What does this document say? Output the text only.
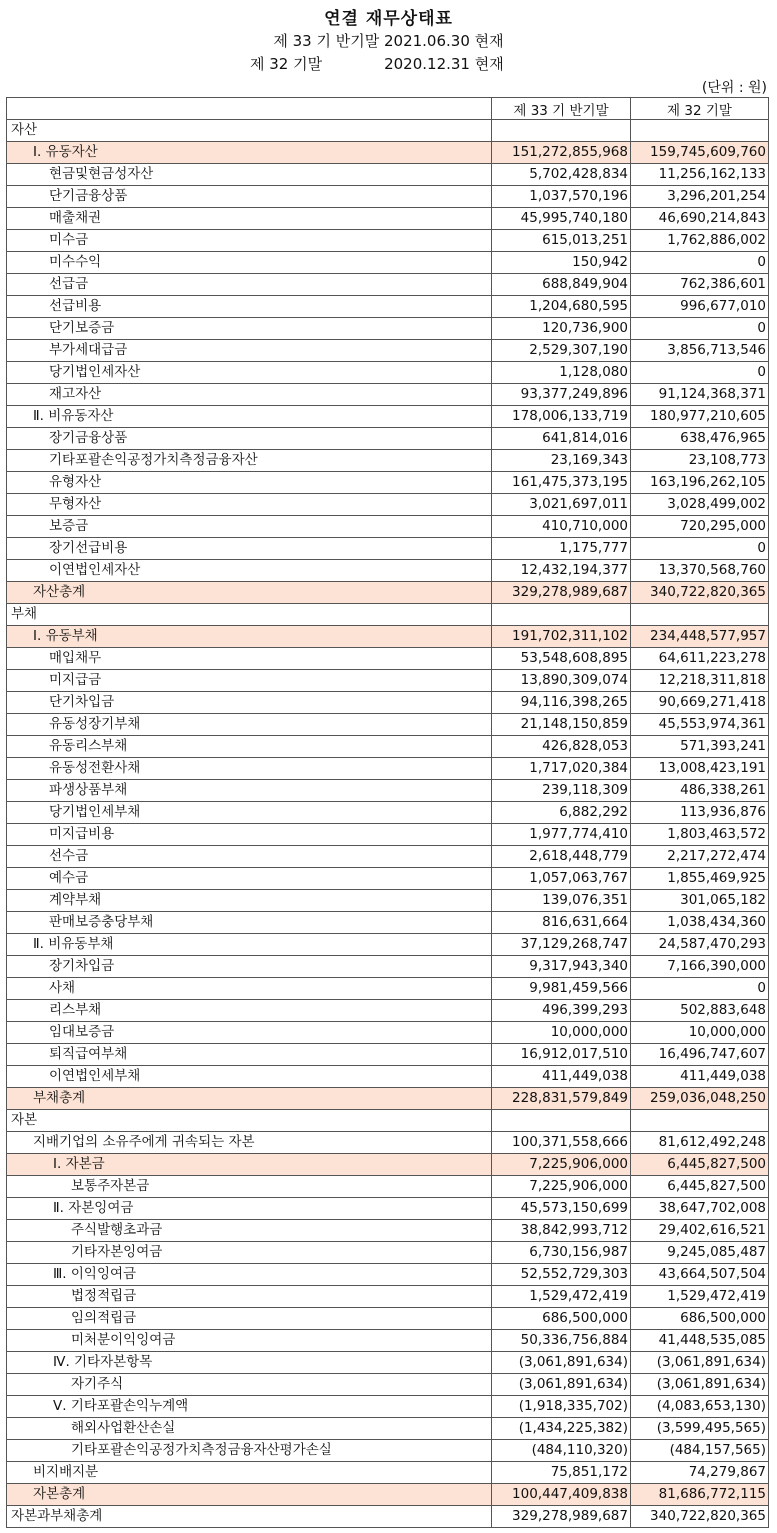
연결 재무상태표
제 33 기 반기말 2021.06.30 현재
제 32 기말	2020.12.31 현재
(단위 : 원)
	제 33 기 반기말	제 32 기말
자산		
Ⅰ. 유동자산	151,272,855,968	159,745,609,760
현금및현금성자산	5,702,428,834	11,256,162,133
단기금융상품	1,037,570,196	3,296,201,254
매출채권	45,995,740,180	46,690,214,843
미수금	615,013,251	1,762,886,002
미수수익	150,942	0
선급금	688,849,904	762,386,601
선급비용	1,204,680,595	996,677,010
단기보증금	120,736,900	0
부가세대급금	2,529,307,190	3,856,713,546
당기법인세자산	1,128,080	0
재고자산	93,377,249,896	91,124,368,371
Ⅱ. 비유동자산	178,006,133,719	180,977,210,605
장기금융상품	641,814,016	638,476,965
기타포괄손익공정가치측정금융자산	23,169,343	23,108,773
유형자산	161,475,373,195	163,196,262,105
무형자산	3,021,697,011	3,028,499,002
보증금	410,710,000	720,295,000
장기선급비용	1,175,777	0
이연법인세자산	12,432,194,377	13,370,568,760
자산총계	329,278,989,687	340,722,820,365
부채		
Ⅰ. 유동부채	191,702,311,102	234,448,577,957
매입채무	53,548,608,895	64,611,223,278
미지급금	13,890,309,074	12,218,311,818
단기차입금	94,116,398,265	90,669,271,418
유동성장기부채	21,148,150,859	45,553,974,361
유동리스부채	426,828,053	571,393,241
유동성전환사채	1,717,020,384	13,008,423,191
파생상품부채	239,118,309	486,338,261
당기법인세부채	6,882,292	113,936,876
미지급비용	1,977,774,410	1,803,463,572
선수금	2,618,448,779	2,217,272,474
예수금	1,057,063,767	1,855,469,925
계약부채	139,076,351	301,065,182
판매보증충당부채	816,631,664	1,038,434,360
Ⅱ. 비유동부채	37,129,268,747	24,587,470,293
장기차입금	9,317,943,340	7,166,390,000
사채	9,981,459,566	0
리스부채	496,399,293	502,883,648
임대보증금	10,000,000	10,000,000
퇴직급여부채	16,912,017,510	16,496,747,607
이연법인세부채	411,449,038	411,449,038
부채총계	228,831,579,849	259,036,048,250
자본		
지배기업의 소유주에게 귀속되는 자본	100,371,558,666	81,612,492,248
Ⅰ. 자본금	7,225,906,000	6,445,827,500
보통주자본금	7,225,906,000	6,445,827,500
Ⅱ. 자본잉여금	45,573,150,699	38,647,702,008
주식발행초과금	38,842,993,712	29,402,616,521
기타자본잉여금	6,730,156,987	9,245,085,487
Ⅲ. 이익잉여금	52,552,729,303	43,664,507,504
법정적립금	1,529,472,419	1,529,472,419
임의적립금	686,500,000	686,500,000
미처분이익잉여금	50,336,756,884	41,448,535,085
Ⅳ. 기타자본항목	(3,061,891,634)	(3,061,891,634)
자기주식	(3,061,891,634)	(3,061,891,634)
Ⅴ. 기타포괄손익누계액	(1,918,335,702)	(4,083,653,130)
해외사업환산손실	(1,434,225,382)	(3,599,495,565)
기타포괄손익공정가치측정금융자산평가손실	(484,110,320)	(484,157,565)
비지배지분	75,851,172	74,279,867
자본총계	100,447,409,838	81,686,772,115
자본과부채총계	329,278,989,687	340,722,820,365
